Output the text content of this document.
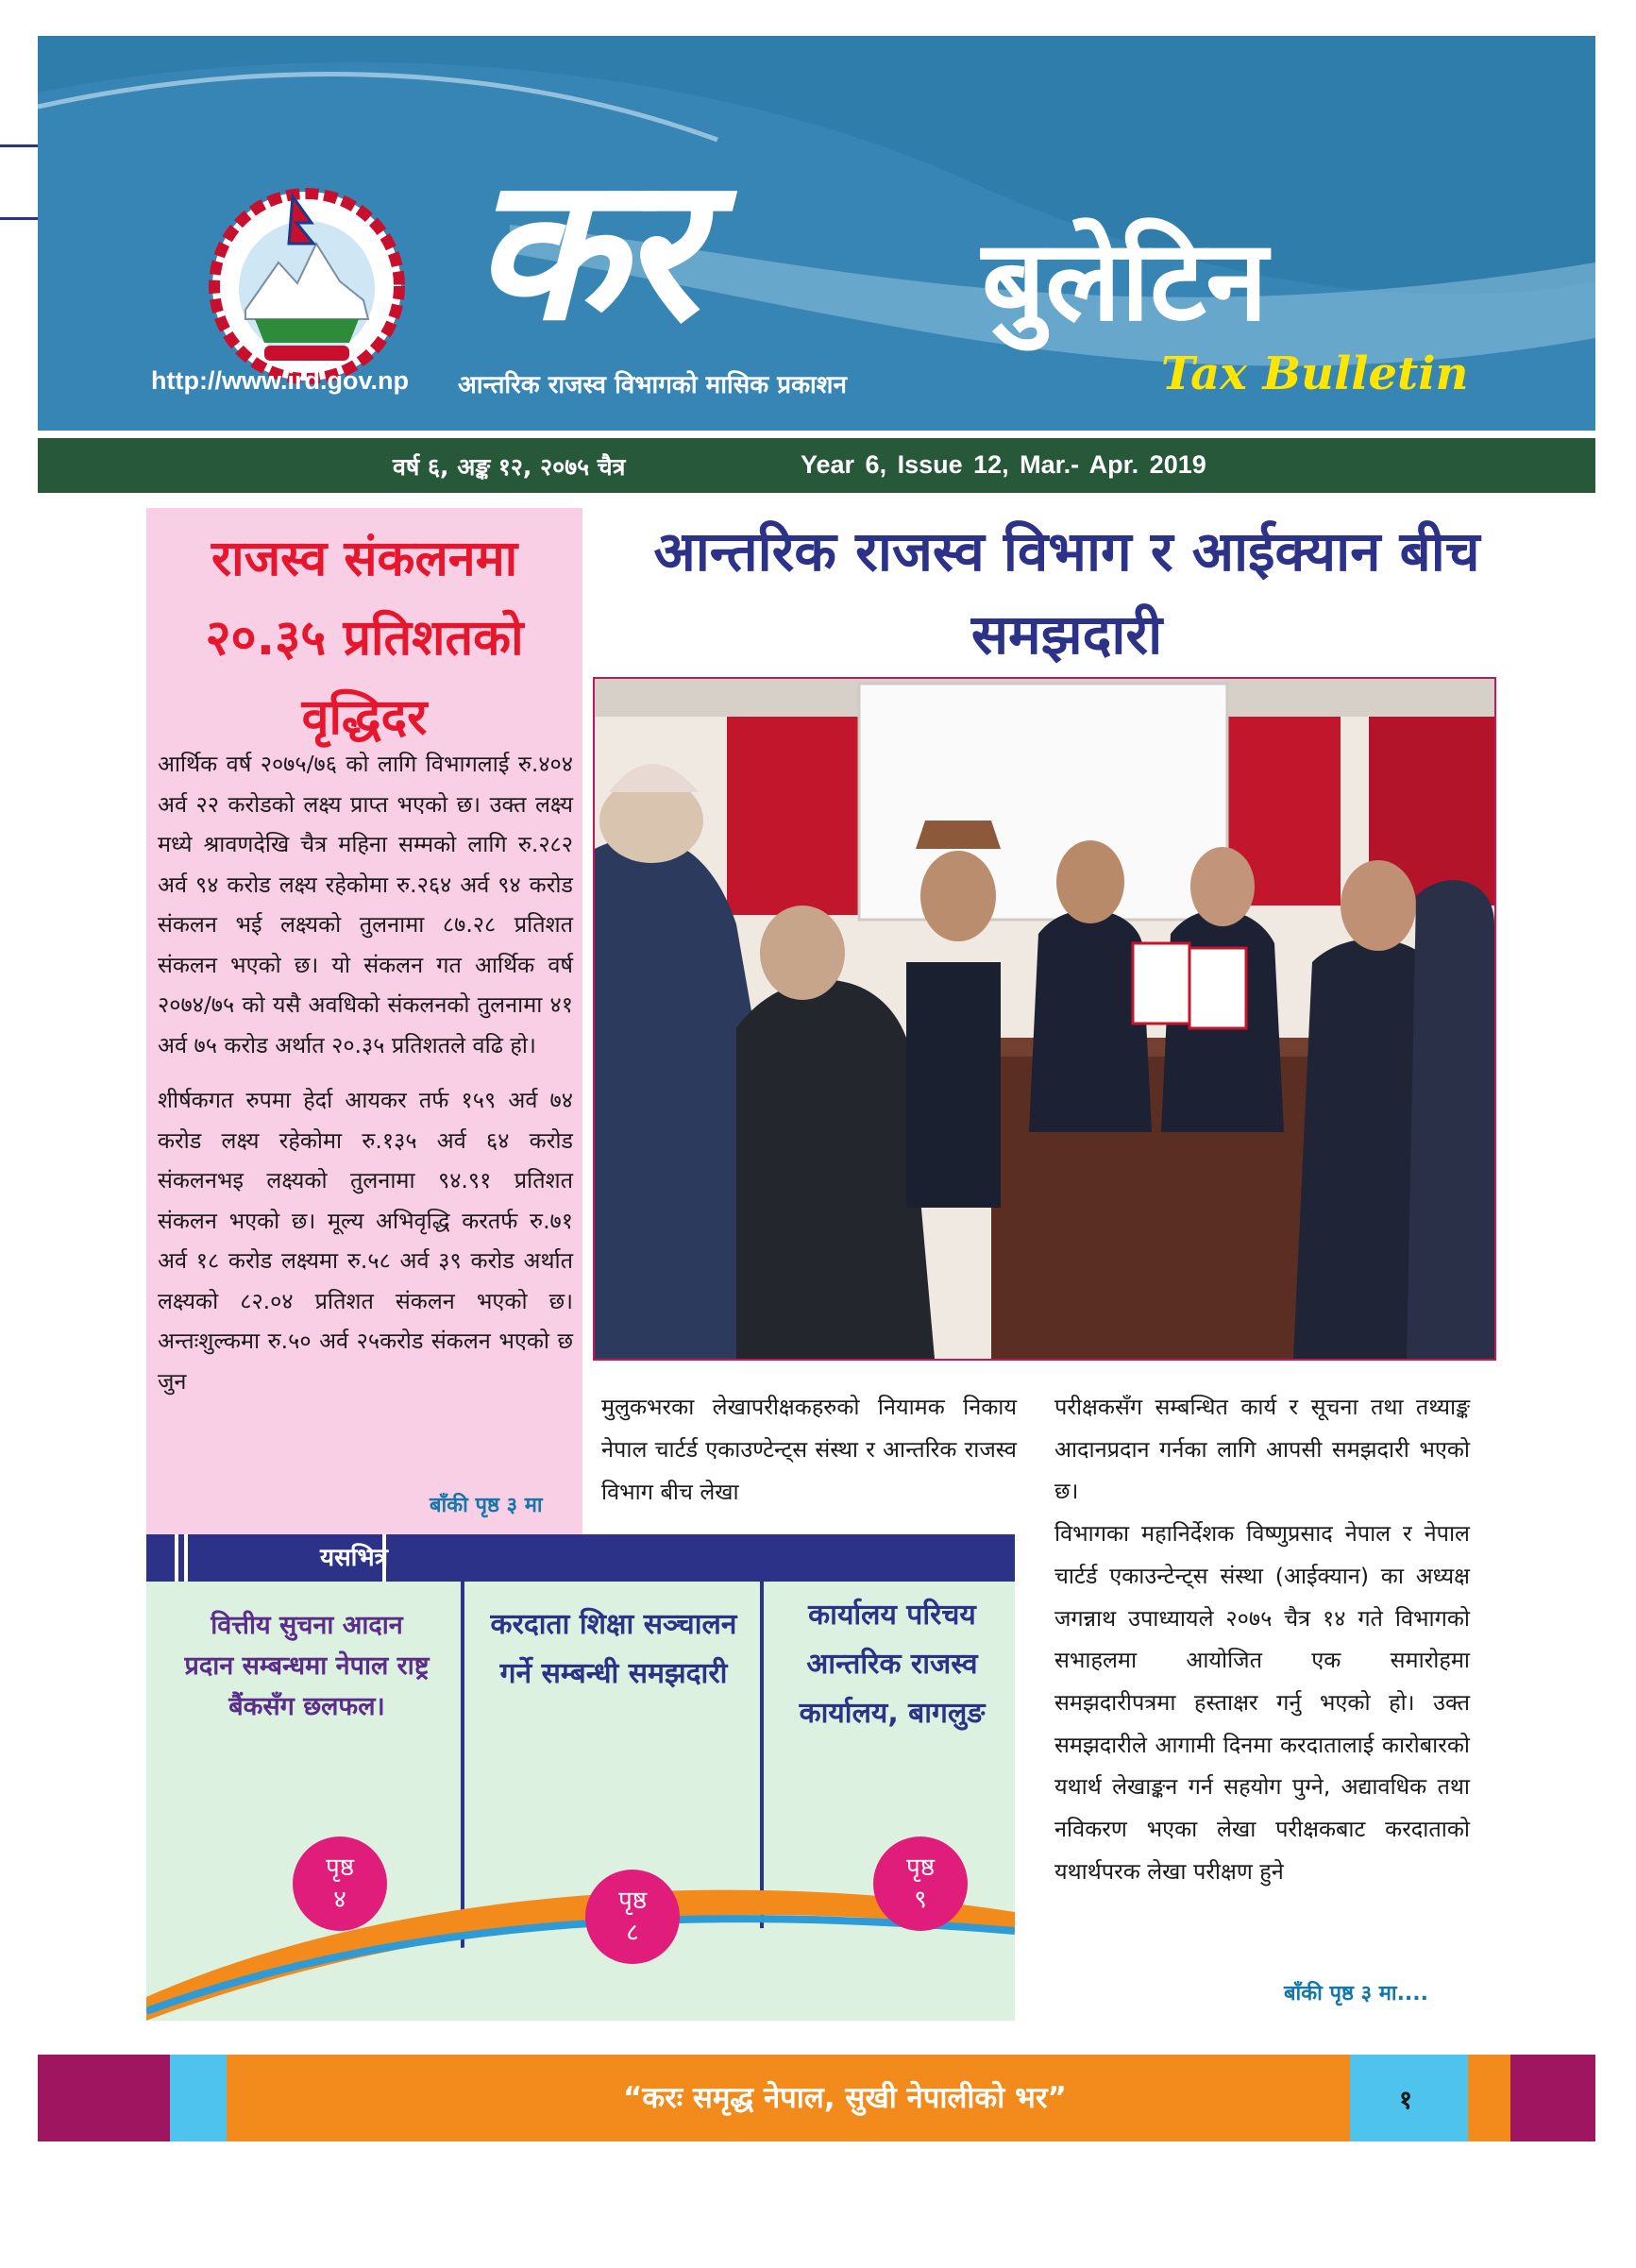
कर	बुलेटिन
Tax Bulletin
http://www.ird.gov.np आन्तरिक राजस्व विभागको मासिक प्रकाशन
वर्ष ६, अङ्क १२, २०७५ चैत्र	Year 6, Issue 12, Mar.- Apr. 2019
राजस्व संकलनमा २०.३५ प्रतिशतको वृद्धिदर

आर्थिक वर्ष २०७५/७६ को लागि विभागलाई रु.४०४ अर्व २२ करोडको लक्ष्य प्राप्त भएको छ। उक्त लक्ष्य मध्ये श्रावणदेखि चैत्र महिना सम्मको लागि रु.२८२ अर्व ९४ करोड लक्ष्य रहेकोमा रु.२६४ अर्व ९४ करोड संकलन भई लक्ष्यको तुलनामा ८७.२८ प्रतिशत संकलन भएको छ। यो संकलन गत आर्थिक वर्ष २०७४/७५ को यसै अवधिको संकलनको तुलनामा ४१ अर्व ७५ करोड अर्थात २०.३५ प्रतिशतले वढि हो।

शीर्षकगत रुपमा हेर्दा आयकर तर्फ १५९ अर्व ७४ करोड लक्ष्य रहेकोमा रु.१३५ अर्व ६४ करोड संकलनभइ लक्ष्यको तुलनामा ९४.९१ प्रतिशत संकलन भएको छ। मूल्य अभिवृद्धि करतर्फ रु.७१ अर्व १८ करोड लक्ष्यमा रु.५८ अर्व ३९ करोड अर्थात लक्ष्यको ८२.०४ प्रतिशत संकलन भएको छ। अन्तःशुल्कमा रु.५० अर्व २५करोड संकलन भएको छ जुन

बाँकी पृष्ठ ३ मा
आन्तरिक राजस्व विभाग र आईक्यान बीच समझदारी
मुलुकभरका लेखापरीक्षकहरुको नियामक निकाय नेपाल चार्टर्ड एकाउण्टेन्ट्स संस्था र आन्तरिक राजस्व विभाग बीच लेखा

परीक्षकसँग सम्बन्धित कार्य र सूचना तथा तथ्याङ्क आदानप्रदान गर्नका लागि आपसी समझदारी भएको छ।

विभागका महानिर्देशक विष्णुप्रसाद नेपाल र नेपाल चार्टर्ड एकाउन्टेन्ट्स संस्था (आईक्यान) का अध्यक्ष जगन्नाथ उपाध्यायले २०७५ चैत्र १४ गते विभागको सभाहलमा आयोजित एक समारोहमा समझदारीपत्रमा हस्ताक्षर गर्नु भएको हो। उक्त समझदारीले आगामी दिनमा करदातालाई कारोबारको यथार्थ लेखाङ्कन गर्न सहयोग पुग्ने, अद्यावधिक तथा नविकरण भएका लेखा परीक्षकबाट करदाताको यथार्थपरक लेखा परीक्षण हुने

बाँकी पृष्ठ ३ मा....
यसभित्र
वित्तीय सुचना आदान प्रदान सम्बन्धमा नेपाल राष्ट्र बैंकसँग छलफल।
करदाता शिक्षा सञ्चालन गर्ने सम्बन्धी समझदारी
कार्यालय परिचय आन्तरिक राजस्व कार्यालय, बागलुङ
पृष्ठ
४	पृष्ठ
८
पृष्ठ
९
“करः समृद्ध नेपाल, सुखी नेपालीको भर”	१
